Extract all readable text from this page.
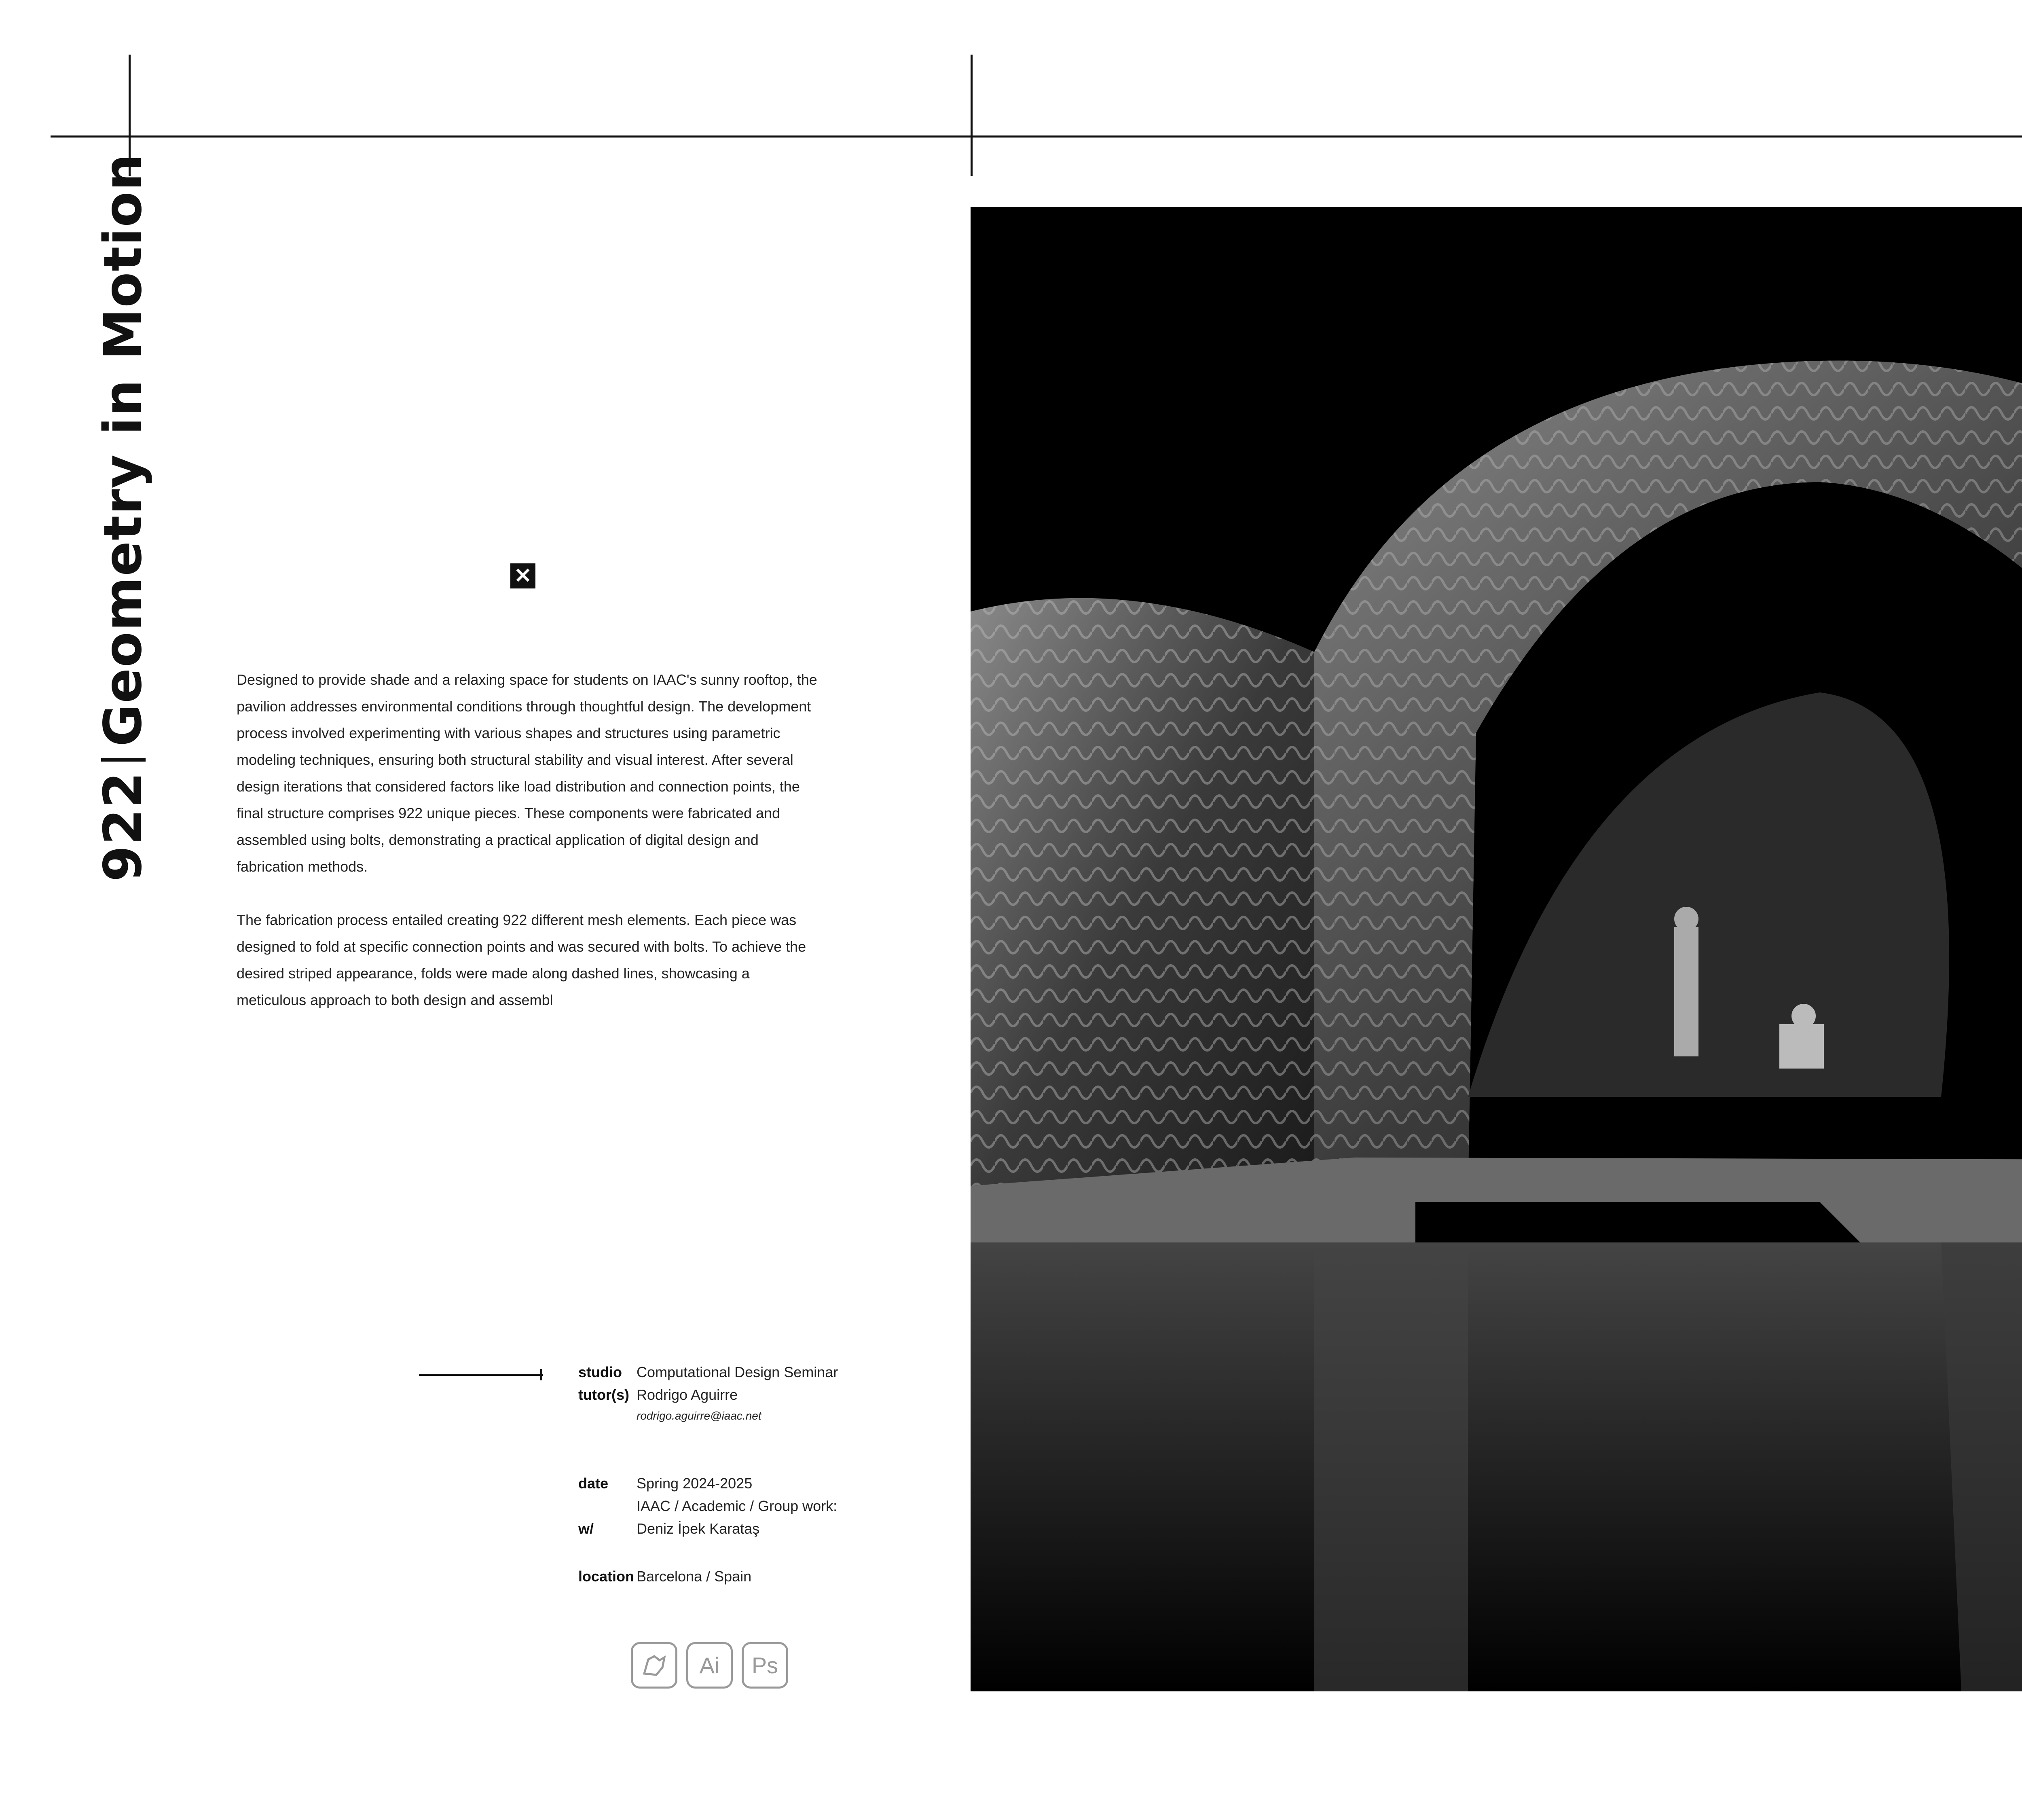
922
Geometry in Motion	✕

Designed to provide shade and a relaxing space for students on IAAC's sunny rooftop, the pavilion addresses environmental conditions through thoughtful design. The development process involved experimenting with various shapes and structures using parametric modeling techniques, ensuring both structural stability and visual interest. After several design iterations that considered factors like load distribution and connection points, the final structure comprises 922 unique pieces. These components were fabricated and assembled using bolts, demonstrating a practical application of digital design and fabrication methods.

The fabrication process entailed creating 922 different mesh elements. Each piece was designed to fold at specific connection points and was secured with bolts. To achieve the desired striped appearance, folds were made along dashed lines, showcasing a meticulous approach to both design and assembl

studio	Computational Design Seminar
tutor(s) Rodrigo Aguirre
rodrigo.aguirre@iaac.net
date	Spring 2024-2025
IAAC / Academic / Group work:
w/	Deniz İpek Karataş
location Barcelona / Spain
Ai	Ps
